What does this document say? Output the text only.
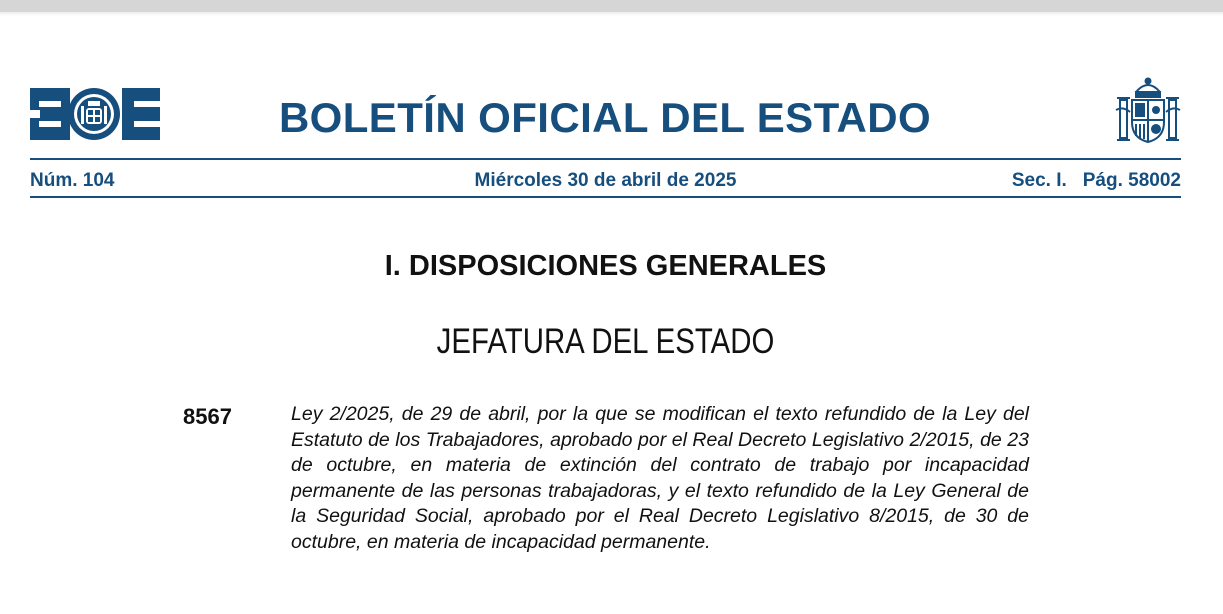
BOLETÍN OFICIAL DEL ESTADO
Núm. 104	Miércoles 30 de abril de 2025	Sec. I. Pág. 58002
I. DISPOSICIONES GENERALES
JEFATURA DEL ESTADO
8567	Ley 2/2025, de 29 de abril, por la que se modifican el texto refundido de la Ley del Estatuto de los Trabajadores, aprobado por el Real Decreto Legislativo 2/2015, de 23 de octubre, en materia de extinción del contrato de trabajo por incapacidad permanente de las personas trabajadoras, y el texto refundido de la Ley General de la Seguridad Social, aprobado por el Real Decreto Legislativo 8/2015, de 30 de octubre, en materia de incapacidad permanente.
